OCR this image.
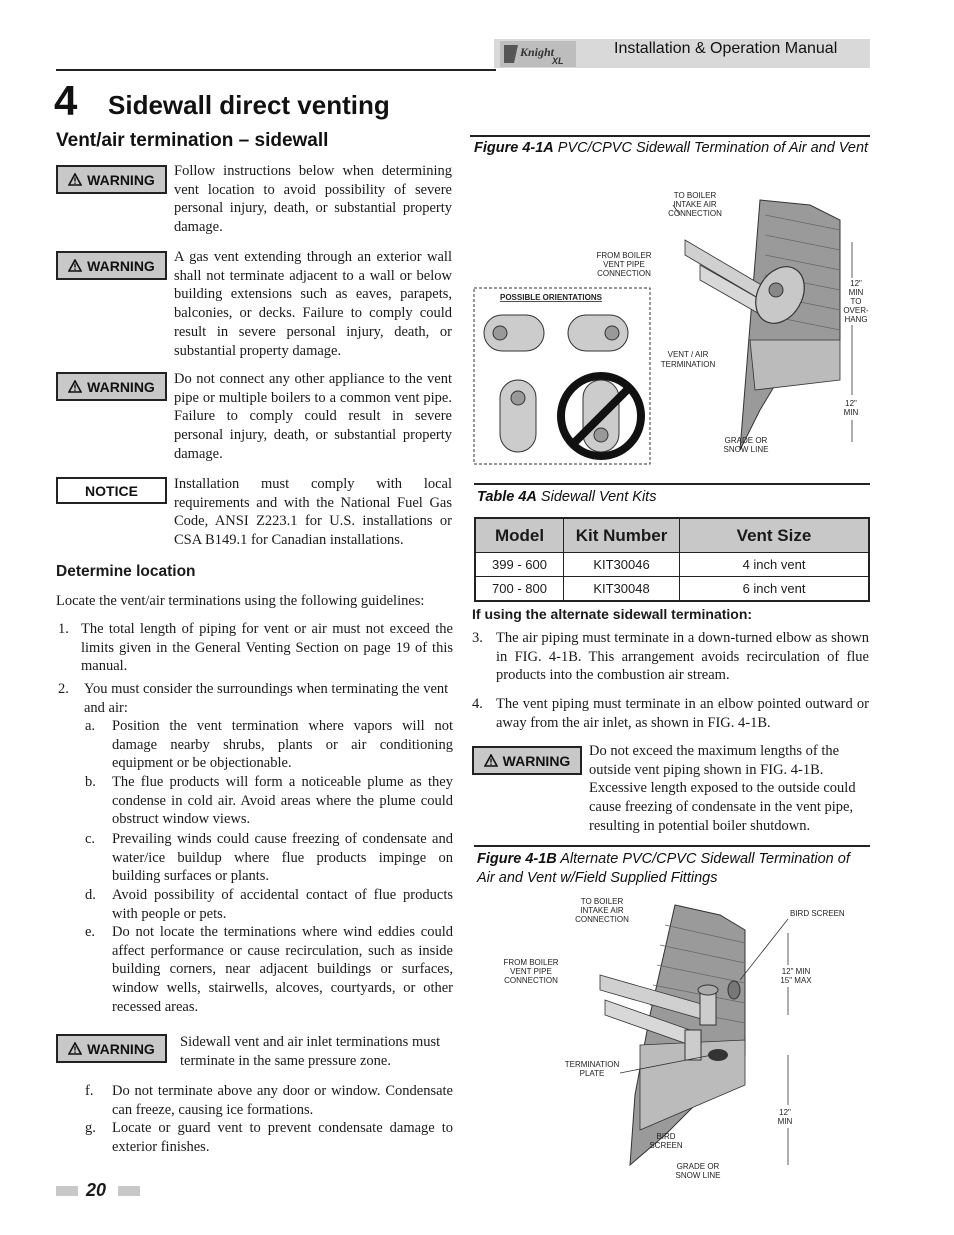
Knight
XL
Installation & Operation Manual
4 Sidewall direct venting
Vent/air termination – sidewall
WARNING
Follow instructions below when determining vent location to avoid possibility of severe personal injury, death, or substantial property damage.
WARNING
A gas vent extending through an exterior wall shall not terminate adjacent to a wall or below building extensions such as eaves, parapets, balconies, or decks. Failure to comply could result in severe personal injury, death, or substantial property damage.
WARNING Do not connect any other appliance to the vent pipe or multiple boilers to a common vent pipe. Failure to comply could result in severe personal injury, death, or substantial property damage.
NOTICE	Installation must comply with local requirements and with the National Fuel Gas Code, ANSI Z223.1 for U.S. installations or CSA B149.1 for Canadian installations.
Determine location
Locate the vent/air terminations using the following guidelines:
1. The total length of piping for vent or air must not exceed the limits given in the General Venting Section on page 19 of this manual.
2. You must consider the surroundings when terminating the vent and air:
a. Position the vent termination where vapors will not damage nearby shrubs, plants or air conditioning equipment or be objectionable.
b. The flue products will form a noticeable plume as they condense in cold air. Avoid areas where the plume could obstruct window views.
c. Prevailing winds could cause freezing of condensate and water/ice buildup where flue products impinge on building surfaces or plants.
d. Avoid possibility of accidental contact of flue products with people or pets.
e. Do not locate the terminations where wind eddies could affect performance or cause recirculation, such as inside building corners, near adjacent buildings or surfaces, window wells, stairwells, alcoves, courtyards, or other recessed areas.
WARNING Sidewall vent and air inlet terminations must terminate in the same pressure zone.
f. Do not terminate above any door or window. Condensate can freeze, causing ice formations.
g. Locate or guard vent to prevent condensate damage to exterior finishes.
Figure 4-1A PVC/CPVC Sidewall Termination of Air and Vent
POSSIBLE ORIENTATIONS
TO BOILER
INTAKE AIR
CONNECTION
FROM BOILER
VENT PIPE
CONNECTION
VENT / AIR
TERMINATION
GRADE OR
SNOW LINE
12"
MIN
TO
OVER-
HANG
12"
MIN
Table 4A Sidewall Vent Kits
Model	Kit Number	Vent Size
399 - 600	KIT30046	4 inch vent
700 - 800	KIT30048	6 inch vent
If using the alternate sidewall termination:
3. The air piping must terminate in a down-turned elbow as shown in FIG. 4-1B. This arrangement avoids recirculation of flue products into the combustion air stream.
4. The vent piping must terminate in an elbow pointed outward or away from the air inlet, as shown in FIG. 4-1B.
WARNING
Do not exceed the maximum lengths of the outside vent piping shown in FIG. 4-1B. Excessive length exposed to the outside could cause freezing of condensate in the vent pipe, resulting in potential boiler shutdown.
Figure 4-1B Alternate PVC/CPVC Sidewall Termination of Air and Vent w/Field Supplied Fittings
TO BOILER
INTAKE AIR
CONNECTION
FROM BOILER
VENT PIPE
CONNECTION
BIRD SCREEN
12" MIN
15" MAX
TERMINATION
PLATE
BIRD
SCREEN
GRADE OR
SNOW LINE
12"
MIN
20
